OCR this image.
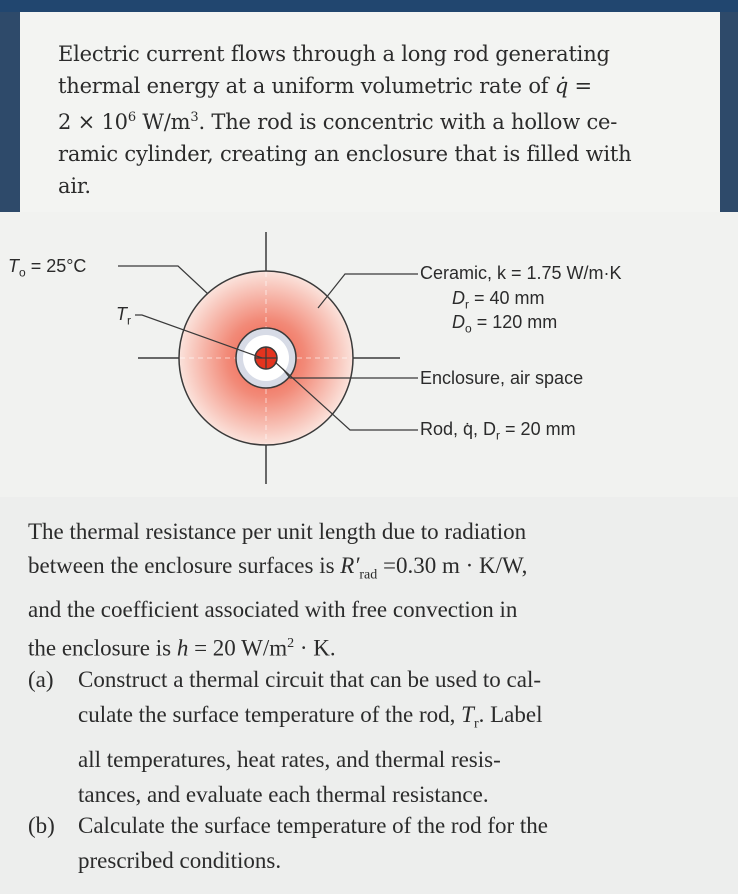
Electric current flows through a long rod generating
thermal energy at a uniform volumetric rate of q̇ =
$2 \times 10^6$ $W/m^3$. The rod is concentric with a hollow ce-
ramic cylinder, creating an enclosure that is filled with
air.
$T_o = 25^\circ C$
$T_r$
Ceramic, k = 1.75 W/m·K
$D_r = 40$ mm
$D_o = 120$ mm
Enclosure, air space
Rod, q̇, $D_r = 20$ mm
The thermal resistance per unit length due to radiation
between the enclosure surfaces is $R'_{rad} =0.30$ m · K/W,
and the coefficient associated with free convection in
the enclosure is h = 20 $W/m^2 \cdot K$.
(a) Construct a thermal circuit that can be used to cal-
culate the surface temperature of the rod, $T_r$. Label
all temperatures, heat rates, and thermal resis-
tances, and evaluate each thermal resistance.
(b) Calculate the surface temperature of the rod for the
prescribed conditions.
